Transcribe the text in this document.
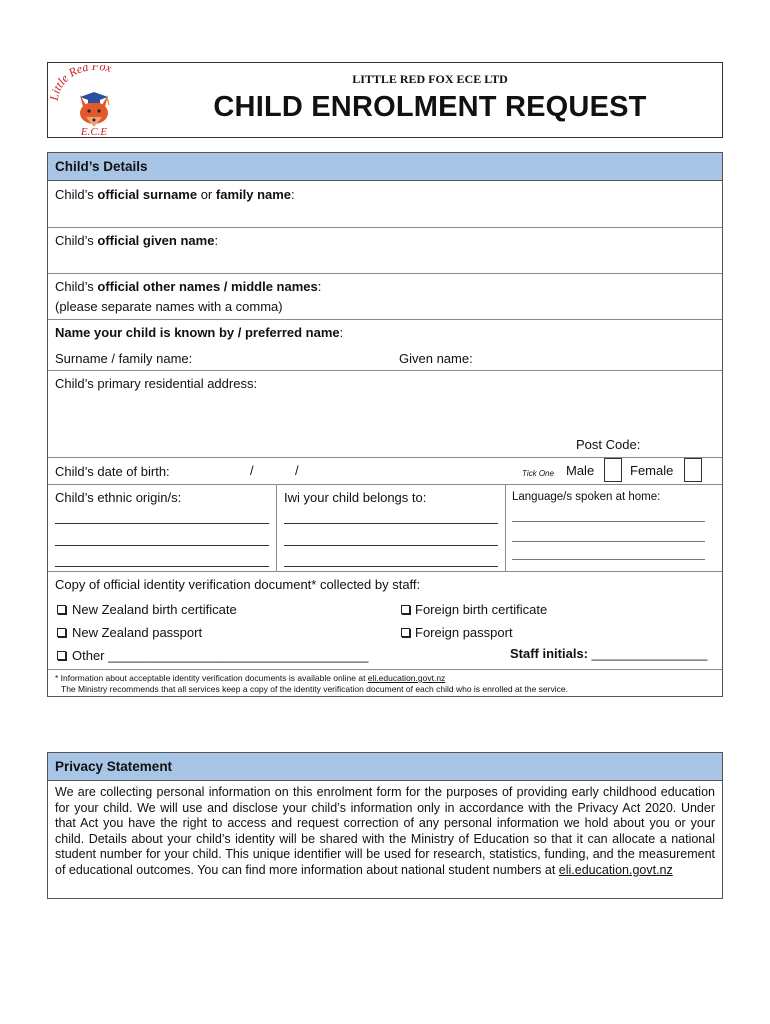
ttle Red Fox
E.C.E
LITTLE RED FOX ECE LTD
CHILD ENROLMENT REQUEST
Child’s Details
Child’s official surname or family name:
Child’s official given name:
Child’s official other names / middle names:
(please separate names with a comma)
Name your child is known by / preferred name:
Surname / family name:	Given name:
Child’s primary residential address:
Post Code:
Child’s date of birth:	/	/	Tick One Male	Female
Child’s ethnic origin/s:	Iwi your child belongs to:	Language/s spoken at home:
Copy of official identity verification document* collected by staff:
New Zealand birth certificate	Foreign birth certificate
New Zealand passport	Foreign passport
Other ____________________________________	Staff initials: ________________
* Information about acceptable identity verification documents is available online at eli.education.govt.nz
The Ministry recommends that all services keep a copy of the identity verification document of each child who is enrolled at the service.
Privacy Statement
We are collecting personal information on this enrolment form for the purposes of providing early childhood education for your child. We will use and disclose your child’s information only in accordance with the Privacy Act 2020. Under that Act you have the right to access and request correction of any personal information we hold about you or your child. Details about your child’s identity will be shared with the Ministry of Education so that it can allocate a national student number for your child. This unique identifier will be used for research, statistics, funding, and the measurement of educational outcomes. You can find more information about national student numbers at eli.education.govt.nz
